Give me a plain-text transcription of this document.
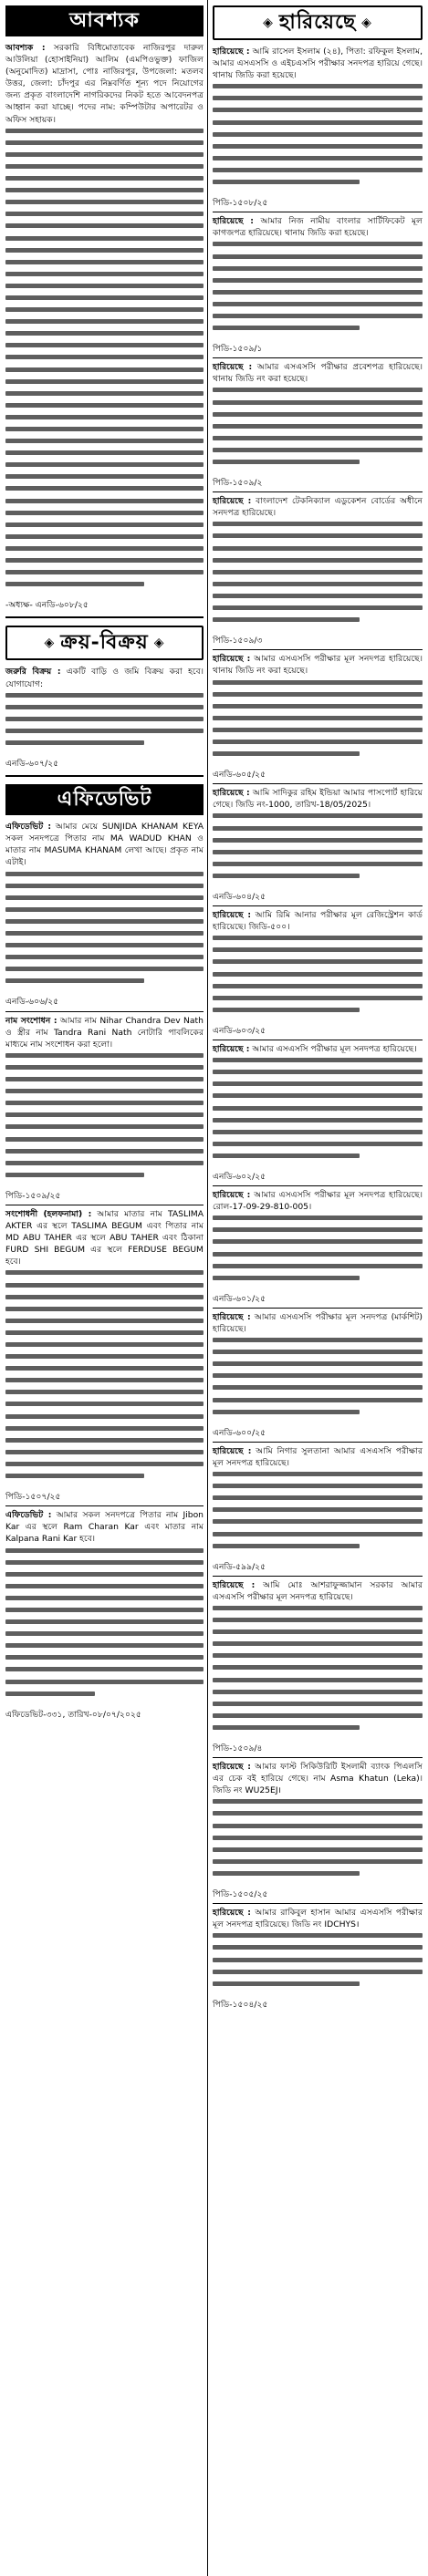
আবশ্যক

আবশ্যক : সরকারি বিধিমোতাবেক নাজিরপুর দারুল আউলিয়া (হোসাইনিয়া) আলিম (এমপিওভুক্ত) ফাজিল (অনুমোদিত) মাদ্রাসা, পোঃ নাজিরপুর, উপজেলা: মতলব উত্তর, জেলা: চাঁদপুর এর নিম্নবর্ণিত শূন্য পদে নিয়োগের জন্য প্রকৃত বাংলাদেশি নাগরিকদের নিকট হতে আবেদনপত্র আহ্বান করা যাচ্ছে। পদের নাম: কম্পিউটার অপারেটর ও অফিস সহায়ক।

-অধ্যক্ষ- এনডি-৬০৮/২৫
◈ ক্রয়-বিক্রয় ◈

জরুরি বিক্রয় : একটি বাড়ি ও জমি বিক্রয় করা হবে। যোগাযোগ:

এনডি-৬০৭/২৫
এফিডেভিট

এফিডেভিট : আমার মেয়ে SUNJIDA KHANAM KEYA সকল সনদপত্রে পিতার নাম MA WADUD KHAN ও মাতার নাম MASUMA KHANAM লেখা আছে। প্রকৃত নাম এটাই।

এনডি-৬০৬/২৫

নাম সংশোধন : আমার নাম Nihar Chandra Dev Nath ও স্ত্রীর নাম Tandra Rani Nath নোটারি পাবলিকের মাধ্যমে নাম সংশোধন করা হলো।

পিডি-১৫০৯/২৫

সংশোধনী (হলফনামা) : আমার মাতার নাম TASLIMA AKTER এর স্থলে TASLIMA BEGUM এবং পিতার নাম MD ABU TAHER এর স্থলে ABU TAHER এবং ঠিকানা FURD SHI BEGUM এর স্থলে FERDUSE BEGUM হবে।

পিডি-১৫০৭/২৫

এফিডেভিট : আমার সকল সনদপত্রে পিতার নাম Jibon Kar এর স্থলে Ram Charan Kar এবং মাতার নাম Kalpana Rani Kar হবে।

এফিডেভিট-৩৩১, তারিখ-০৮/০৭/২০২৫
◈ হারিয়েছে ◈

হারিয়েছে : আমি রাসেল ইসলাম (২৪), পিতা: রফিকুল ইসলাম, আমার এসএসসি ও এইচএসসি পরীক্ষার সনদপত্র হারিয়ে গেছে। থানায় জিডি করা হয়েছে।

পিডি-১৫০৮/২৫

হারিয়েছে : আমার নিজ নামীয় বাংলার সার্টিফিকেট মূল কাগজপত্র হারিয়েছে। থানায় জিডি করা হয়েছে।

পিডি-১৫০৯/১

হারিয়েছে : আমার এসএসসি পরীক্ষার প্রবেশপত্র হারিয়েছে। থানায় জিডি নং করা হয়েছে।

পিডি-১৫০৯/২

হারিয়েছে : বাংলাদেশ টেকনিক্যাল এডুকেশন বোর্ডের অধীনে সনদপত্র হারিয়েছে।

পিডি-১৫০৯/৩

হারিয়েছে : আমার এসএসসি পরীক্ষার মূল সনদপত্র হারিয়েছে। থানায় জিডি নং করা হয়েছে।

এনডি-৬০৫/২৫

হারিয়েছে : আমি সাদিকুর রহিম ইন্ডিয়া আমার পাসপোর্ট হারিয়ে গেছে। জিডি নং-1000, তারিখ-18/05/2025।

এনডি-৬০৪/২৫

হারিয়েছে : আমি রিমি আনার পরীক্ষার মূল রেজিস্ট্রেশন কার্ড হারিয়েছে। জিডি-৫০০।

এনডি-৬০৩/২৫

হারিয়েছে : আমার এসএসসি পরীক্ষার মূল সনদপত্র হারিয়েছে।

এনডি-৬০২/২৫

হারিয়েছে : আমার এসএসসি পরীক্ষার মূল সনদপত্র হারিয়েছে। রোল-17-09-29-810-005।

এনডি-৬০১/২৫

হারিয়েছে : আমার এসএসসি পরীক্ষার মূল সনদপত্র (মার্কশিট) হারিয়েছে।

এনডি-৬০০/২৫

হারিয়েছে : আমি নিগার সুলতানা আমার এসএসসি পরীক্ষার মূল সনদপত্র হারিয়েছে।

এনডি-৫৯৯/২৫

হারিয়েছে : আমি মোঃ আশরাফুজ্জামান সরকার আমার এসএসসি পরীক্ষার মূল সনদপত্র হারিয়েছে।

পিডি-১৫০৯/৪

হারিয়েছে : আমার ফাস্ট সিকিউরিটি ইসলামী ব্যাংক পিএলসি এর চেক বই হারিয়ে গেছে। নাম Asma Khatun (Leka)। জিডি নং WU25EJ।

পিডি-১৫০৫/২৫

হারিয়েছে : আমার রাকিবুল হাসান আমার এসএসসি পরীক্ষার মূল সনদপত্র হারিয়েছে। জিডি নং IDCHYS।

পিডি-১৫০৪/২৫
